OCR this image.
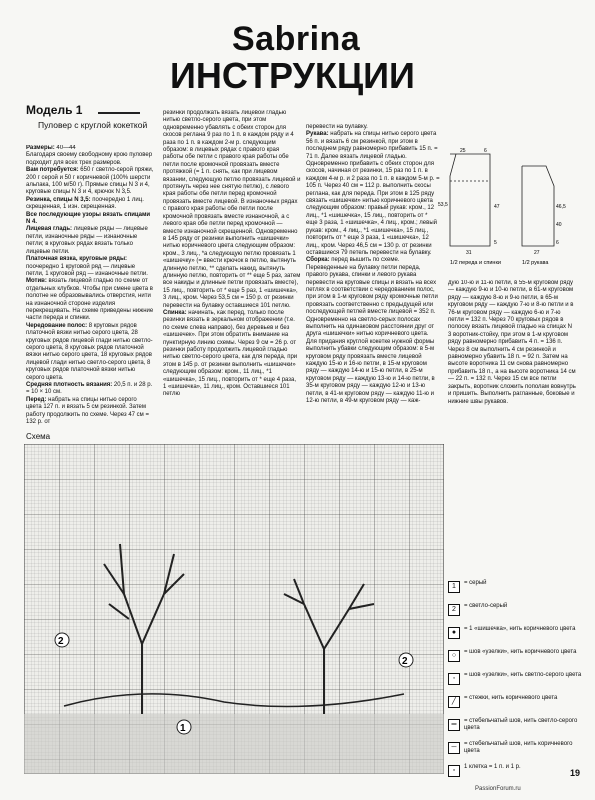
Sabrina
ИНСТРУКЦИИ
Модель 1
Пуловер с круглой кокеткой
Размеры: 40—44
Благодаря своему свободному крою пуловер подходит для всех трех размеров.
Вам потребуется: 650 г светло-серой пряжи, 200 г серой и 50 г коричневой (100% шерсти альпака, 100 м/50 г). Прямые спицы N 3 и 4, круговые спицы N 3 и 4, крючок N 3,5.
Резинка, спицы N 3,5: поочередно 1 лиц. скрещенная, 1 изн. скрещенная.
Все последующие узоры вязать спицами N 4.
Лицевая гладь: лицевые ряды — лицевые петли, изнаночные ряды — изнаночные петли; в круговых рядах вязать только лицевые петли.
Платочная вязка, круговые ряды: поочередно 1 круговой ряд — лицевые петли, 1 круговой ряд — изнаночные петли.
Мотив: вязать лицевой гладью по схеме от отдельных клубков. Чтобы при смене цвета в полотне не образовывались отверстия, нити на изнаночной стороне изделия перекрещивать. На схеме приведены нижние части переда и спинки.
Чередование полос: 8 круговых рядов платочной вязки нитью серого цвета, 28 круговых рядов лицевой глади нитью светло-серого цвета, 8 круговых рядов платочной вязки нитью серого цвета, 18 круговых рядов лицевой глади нитью светло-серого цвета, 8 круговых рядов платочной вязки нитью серого цвета.
Средняя плотность вязания: 20,5 п. и 28 р. = 10 × 10 см.
Перед: набрать на спицы нитью серого цвета 127 п. и вязать 5 см резинкой. Затем работу продолжить по схеме. Через 47 см = 132 р. от
резинки продолжать вязать лицевой гладью нитью светло-серого цвета, при этом одновременно убавлять с обеих сторон для скосов реглана 9 раз по 1 п. в каждом ряду и 4 раза по 1 п. в каждом 2-м р. следующим образом: в лицевых рядах с правого края работы обе петли с правого края работы обе петли после кромочной провязать вместе протяжкой (= 1 п. снять, как при лицевом вязании, следующую петлю провязать лицевой и протянуть через нее снятую петлю), с левого края работы обе петли перед кромочной провязать вместе лицевой. В изнаночных рядах с правого края работы обе петли после кромочной провязать вместе изнаночной, а с левого края обе петли перед кромочной — вместе изнаночной скрещенной. Одновременно в 145 ряду от резинки выполнить «шишечки» нитью коричневого цвета следующим образом: кром., 3 лиц., *а следующую петлю провязать 1 «шишечку» (= ввести крючок в петлю, вытянуть длинную петлю, ** сделать накид, вытянуть длинную петлю, повторить от ** еще 5 раз, затем все накиды и длинные петли провязать вместе), 15 лиц., повторить от * еще 5 раз, 1 «шишечка», 3 лиц., кром. Через 53,5 см = 150 р. от резинки перевести на булавку оставшиеся 101 петлю.
Спинка: начинать, как перед, только после резинки вязать в зеркальном отображении (т.е. по схеме слева направо), без деревьев и без «шишечек». При этом обратить внимание на пунктирную линию схемы. Через 9 см = 26 р. от резинки работу продолжить лицевой гладью нитью светло-серого цвета, как для переда, при этом в 145 р. от резинки выполнить «шишечки» следующим образом: кром., 11 лиц., *1 «шишечка», 15 лиц., повторить от * еще 4 раза, 1 «шишечка», 11 лиц., кром. Оставшиеся 101 петлю
перевести на булавку.
Рукава: набрать на спицы нитью серого цвета 56 п. и вязать 6 см резинкой, при этом в последнем ряду равномерно прибавить 15 п. = 71 п. Далее вязать лицевой гладью. Одновременно прибавить с обеих сторон для скосов, начиная от резинки, 15 раз по 1 п. в каждом 4-м р. и 2 раза по 1 п. в каждом 5-м р. = 105 п. Через 40 см = 112 р. выполнить скосы реглана, как для переда. При этом в 125 ряду связать «шишечки» нитью коричневого цвета следующим образом: правый рукав: кром., 12 лиц., *1 «шишечка», 15 лиц., повторить от * еще 3 раза, 1 «шишечка», 4 лиц., кром.; левый рукав: кром., 4 лиц., *1 «шишечка», 15 лиц., повторить от * еще 3 раза, 1 «шишечка», 12 лиц., кром. Через 46,5 см = 130 р. от резинки оставшиеся 79 петель перевести на булавку.
Сборка: перед вышить по схеме. Переведенные на булавку петли переда, правого рукава, спинки и левого рукава перевести на круговые спицы и вязать на всех петлях в соответствии с чередованием полос, при этом в 1-м круговом ряду кромочные петли провязать соответственно с предыдущей или последующей петлей вместе лицевой = 352 п. Одновременно на светло-серых полосах выполнить на одинаковом расстоянии друг от друга «шишечки» нитью коричневого цвета. Для придания круглой кокетке нужной формы выполнить убавки следующим образом: в 5-м круговом ряду провязать вместе лицевой каждую 15-ю и 16-ю петли, в 15-м круговом ряду — каждую 14-ю и 15-ю петли, в 25-м круговом ряду — каждую 13-ю и 14-ю петли, в 35-м круговом ряду — каждую 12-ю и 13-ю петли, в 41-м круговом ряду — каждую 11-ю и 12-ю петли, в 49-м круговом ряду — каж-
дую 10-ю и 11-ю петли, в 55-м круговом ряду — каждую 9-ю и 10-ю петли, в 61-м круговом ряду — каждую 8-ю и 9-ю петли, в 65-м круговом ряду — каждую 7-ю и 8-ю петли и в 76-м круговом ряду — каждую 6-ю и 7-ю петли = 132 п. Через 70 круговых рядов в полоску вязать лицевой гладью на спицах N 3 воротник-стойку, при этом в 1-м круговом ряду равномерно прибавить 4 п. = 136 п. Через 8 см выполнить 4 см резинкой и равномерно убавить 18 п. = 92 п. Затем на высоте воротника 11 см снова равномерно прибавить 18 п., а на высоте воротника 14 см — 22 п. = 132 п. Через 15 см все петли закрыть, воротник сложить пополам вовнутрь и пришить. Выполнить рагланные, боковые и нижние швы рукавов.
25	6
53,5	47
5
46,5
40
6
31	27
1/2 переда и спинки	1/2 рукава
Схема
2
2
1
1	= серый
2	= светло-серый
●	= 1 «шишечка», нить коричневого цвета
○	= шов «узелки», нить коричневого цвета
◦	= шов «узелки», нить светло-серого цвета
╱	= стежки, нить коричневого цвета
═	= стебельчатый шов, нить светло-серого цвета
─	= стебельчатый шов, нить коричневого цвета
▫	1 клетка = 1 п. и 1 р.
19
PassionForum.ru
